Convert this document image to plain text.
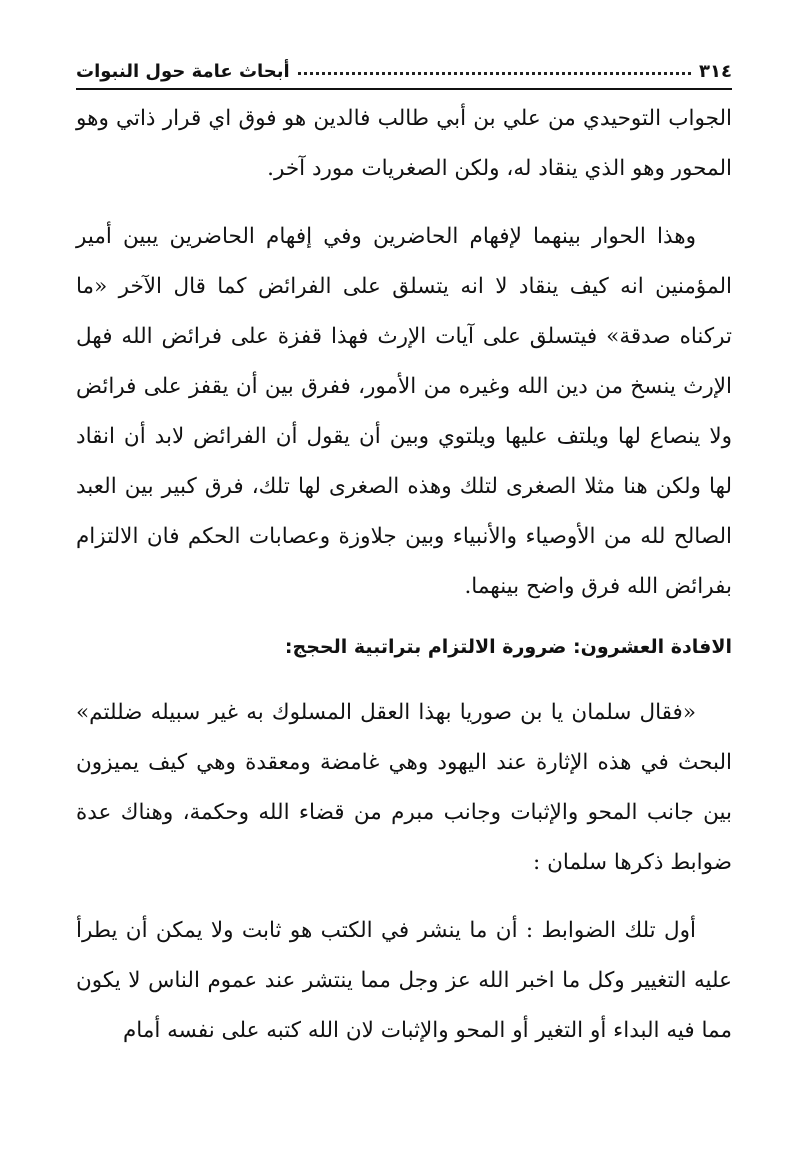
٣١٤
أبحاث عامة حول النبوات

الجواب التوحيدي من علي بن أبي طالب فالدين هو فوق اي قرار ذاتي وهو المحور وهو الذي ينقاد له، ولكن الصغريات مورد آخر.

وهذا الحوار بينهما لإفهام الحاضرين وفي إفهام الحاضرين يبين أمير المؤمنين انه كيف ينقاد لا انه يتسلق على الفرائض كما قال الآخر «ما تركناه صدقة» فيتسلق على آيات الإرث فهذا قفزة على فرائض الله فهل الإرث ينسخ من دين الله وغيره من الأمور، ففرق بين أن يقفز على فرائض ولا ينصاع لها ويلتف عليها ويلتوي وبين أن يقول أن الفرائض لابد أن انقاد لها ولكن هنا مثلا الصغرى لتلك وهذه الصغرى لها تلك، فرق كبير بين العبد الصالح لله من الأوصياء والأنبياء وبين جلاوزة وعصابات الحكم فان الالتزام بفرائض الله فرق واضح بينهما.

الافادة العشرون: ضرورة الالتزام بتراتبية الحجج:

«فقال سلمان يا بن صوريا بهذا العقل المسلوك به غير سبيله ضللتم» البحث في هذه الإثارة عند اليهود وهي غامضة ومعقدة وهي كيف يميزون بين جانب المحو والإثبات وجانب مبرم من قضاء الله وحكمة، وهناك عدة ضوابط ذكرها سلمان :

أول تلك الضوابط : أن ما ينشر في الكتب هو ثابت ولا يمكن أن يطرأ عليه التغيير وكل ما اخبر الله عز وجل مما ينتشر عند عموم الناس لا يكون مما فيه البداء أو التغير أو المحو والإثبات لان الله كتبه على نفسه أمام
